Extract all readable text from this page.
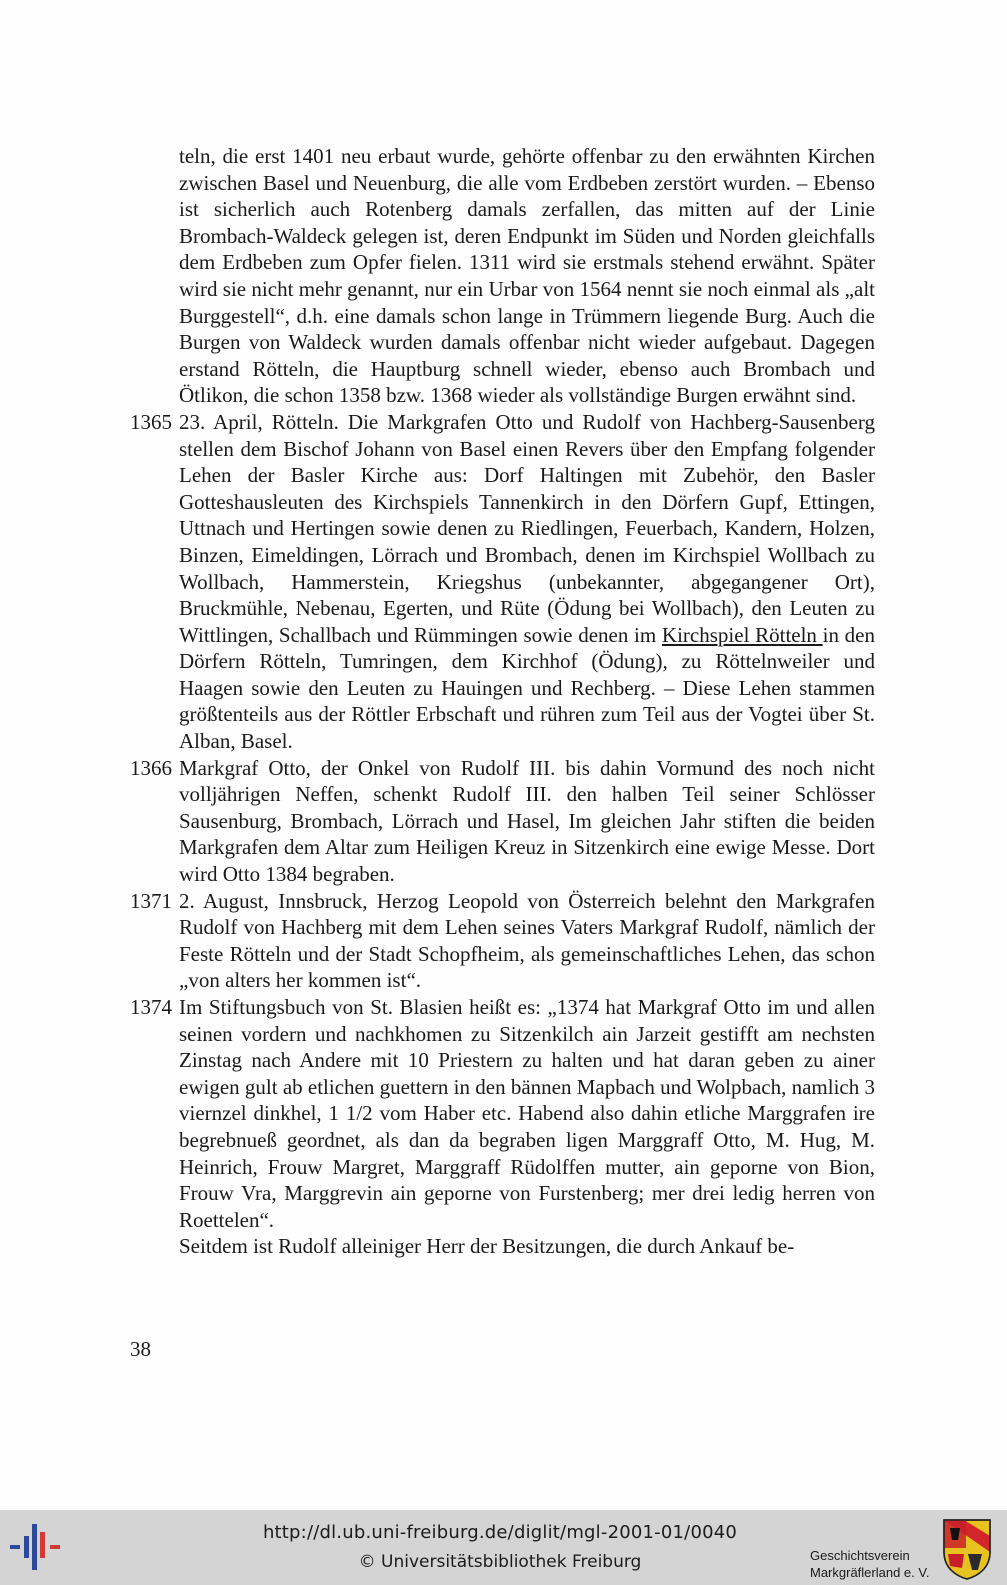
teln, die erst 1401 neu erbaut wurde, gehörte offenbar zu den erwähnten Kirchen zwischen Basel und Neuenburg, die alle vom Erdbeben zerstört wurden. – Ebenso ist sicherlich auch Rotenberg damals zerfallen, das mitten auf der Linie Brombach-Waldeck gelegen ist, deren Endpunkt im Süden und Norden gleichfalls dem Erdbeben zum Opfer fielen. 1311 wird sie erstmals stehend erwähnt. Später wird sie nicht mehr genannt, nur ein Urbar von 1564 nennt sie noch einmal als „alt Burggestell“, d.h. eine damals schon lange in Trümmern liegende Burg. Auch die Burgen von Waldeck wurden damals offenbar nicht wieder aufgebaut. Dagegen erstand Rötteln, die Hauptburg schnell wieder, ebenso auch Brombach und Ötlikon, die schon 1358 bzw. 1368 wieder als vollständige Burgen erwähnt sind.

1365 23. April, Rötteln. Die Markgrafen Otto und Rudolf von Hachberg-Sausenberg stellen dem Bischof Johann von Basel einen Revers über den Empfang folgender Lehen der Basler Kirche aus: Dorf Haltingen mit Zubehör, den Basler Gotteshausleuten des Kirchspiels Tannenkirch in den Dörfern Gupf, Ettingen, Uttnach und Hertingen sowie denen zu Riedlingen, Feuerbach, Kandern, Holzen, Binzen, Eimeldingen, Lörrach und Brombach, denen im Kirchspiel Wollbach zu Wollbach, Hammerstein, Kriegshus (unbekannter, abgegangener Ort), Bruckmühle, Nebenau, Egerten, und Rüte (Ödung bei Wollbach), den Leuten zu Wittlingen, Schallbach und Rümmingen sowie denen im Kirchspiel Rötteln in den Dörfern Rötteln, Tumringen, dem Kirchhof (Ödung), zu Röttelnweiler und Haagen sowie den Leuten zu Hauingen und Rechberg. – Diese Lehen stammen größtenteils aus der Röttler Erbschaft und rühren zum Teil aus der Vogtei über St. Alban, Basel.

1366 Markgraf Otto, der Onkel von Rudolf III. bis dahin Vormund des noch nicht volljährigen Neffen, schenkt Rudolf III. den halben Teil seiner Schlösser Sausenburg, Brombach, Lörrach und Hasel, Im gleichen Jahr stiften die beiden Markgrafen dem Altar zum Heiligen Kreuz in Sitzenkirch eine ewige Messe. Dort wird Otto 1384 begraben.

1371 2. August, Innsbruck, Herzog Leopold von Österreich belehnt den Markgrafen Rudolf von Hachberg mit dem Lehen seines Vaters Markgraf Rudolf, nämlich der Feste Rötteln und der Stadt Schopfheim, als gemeinschaftliches Lehen, das schon „von alters her kommen ist“.

1374 Im Stiftungsbuch von St. Blasien heißt es: „1374 hat Markgraf Otto im und allen seinen vordern und nachkhomen zu Sitzenkilch ain Jarzeit gestifft am nechsten Zinstag nach Andere mit 10 Priestern zu halten und hat daran geben zu ainer ewigen gult ab etlichen guettern in den bännen Mapbach und Wolpbach, namlich 3 viernzel dinkhel, 1 1/2 vom Haber etc. Habend also dahin etliche Marggrafen ire begrebnueß geordnet, als dan da begraben ligen Marggraff Otto, M. Hug, M. Heinrich, Frouw Margret, Marggraff Rüdolffen mutter, ain geporne von Bion, Frouw Vra, Marggrevin ain geporne von Furstenberg; mer drei ledig herren von Roettelen“.

Seitdem ist Rudolf alleiniger Herr der Besitzungen, die durch Ankauf be-

38
http://dl.ub.uni-freiburg.de/diglit/mgl-2001-01/0040
© Universitätsbibliothek Freiburg	Geschichtsverein
Markgräflerland e. V.
